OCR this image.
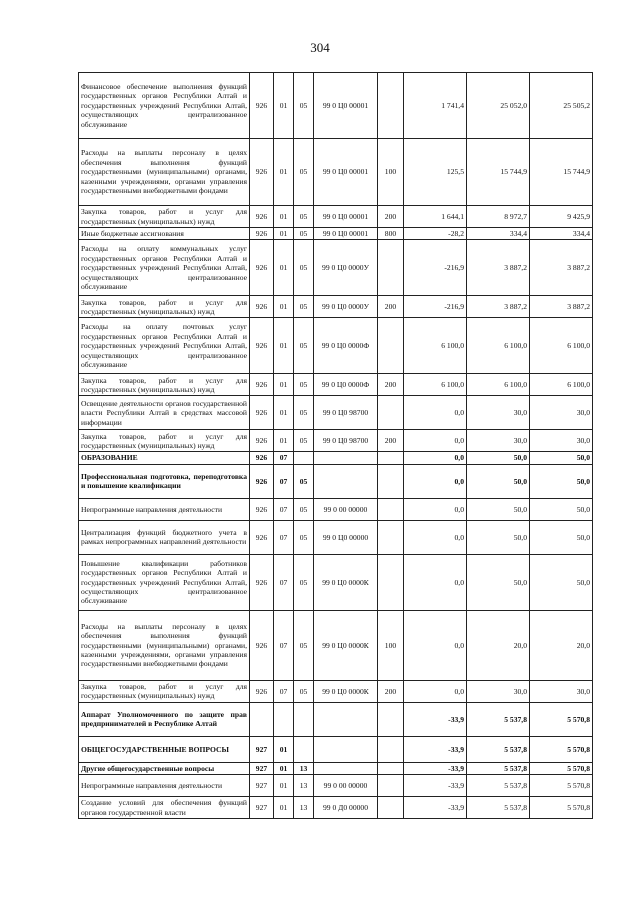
304
Финансовое обеспечение выполнения функций государственных органов Республики Алтай и государственных учреждений Республики Алтай, осуществляющих централизованное обслуживание	926	01	05	99 0 Ц0 00001		1 741,4	25 052,0	25 505,2
Расходы на выплаты персоналу в целях обеспечения выполнения функций государственными (муниципальными) органами, казенными учреждениями, органами управления государственными внебюджетными фондами	926	01	05	99 0 Ц0 00001	100	125,5	15 744,9	15 744,9
Закупка товаров, работ и услуг для государственных (муниципальных) нужд	926	01	05	99 0 Ц0 00001	200	1 644,1	8 972,7	9 425,9
Иные бюджетные ассигнования	926	01	05	99 0 Ц0 00001	800	-28,2	334,4	334,4
Расходы на оплату коммунальных услуг государственных органов Республики Алтай и государственных учреждений Республики Алтай, осуществляющих централизованное обслуживание	926	01	05	99 0 Ц0 0000У		-216,9	3 887,2	3 887,2
Закупка товаров, работ и услуг для государственных (муниципальных) нужд	926	01	05	99 0 Ц0 0000У	200	-216,9	3 887,2	3 887,2
Расходы на оплату почтовых услуг государственных органов Республики Алтай и государственных учреждений Республики Алтай, осуществляющих централизованное обслуживание	926	01	05	99 0 Ц0 0000Ф		6 100,0	6 100,0	6 100,0
Закупка товаров, работ и услуг для государственных (муниципальных) нужд	926	01	05	99 0 Ц0 0000Ф	200	6 100,0	6 100,0	6 100,0
Освещение деятельности органов государственной власти Республики Алтай в средствах массовой информации	926	01	05	99 0 Ц0 98700		0,0	30,0	30,0
Закупка товаров, работ и услуг для государственных (муниципальных) нужд	926	01	05	99 0 Ц0 98700	200	0,0	30,0	30,0
ОБРАЗОВАНИЕ	926	07				0,0	50,0	50,0
Профессиональная подготовка, переподготовка и повышение квалификации	926	07	05			0,0	50,0	50,0
Непрограммные направления деятельности	926	07	05	99 0 00 00000		0,0	50,0	50,0
Централизация функций бюджетного учета в рамках непрограммных направлений деятельности	926	07	05	99 0 Ц0 00000		0,0	50,0	50,0
Повышение квалификации работников государственных органов Республики Алтай и государственных учреждений Республики Алтай, осуществляющих централизованное обслуживание	926	07	05	99 0 Ц0 0000К		0,0	50,0	50,0
Расходы на выплаты персоналу в целях обеспечения выполнения функций государственными (муниципальными) органами, казенными учреждениями, органами управления государственными внебюджетными фондами	926	07	05	99 0 Ц0 0000К	100	0,0	20,0	20,0
Закупка товаров, работ и услуг для государственных (муниципальных) нужд	926	07	05	99 0 Ц0 0000К	200	0,0	30,0	30,0
Аппарат Уполномоченного по защите прав предпринимателей в Республике Алтай						-33,9	5 537,8	5 570,8
ОБЩЕГОСУДАРСТВЕННЫЕ ВОПРОСЫ	927	01				-33,9	5 537,8	5 570,8
Другие общегосударственные вопросы	927	01	13			-33,9	5 537,8	5 570,8
Непрограммные направления деятельности	927	01	13	99 0 00 00000		-33,9	5 537,8	5 570,8
Создание условий для обеспечения функций органов государственной власти	927	01	13	99 0 Д0 00000		-33,9	5 537,8	5 570,8
